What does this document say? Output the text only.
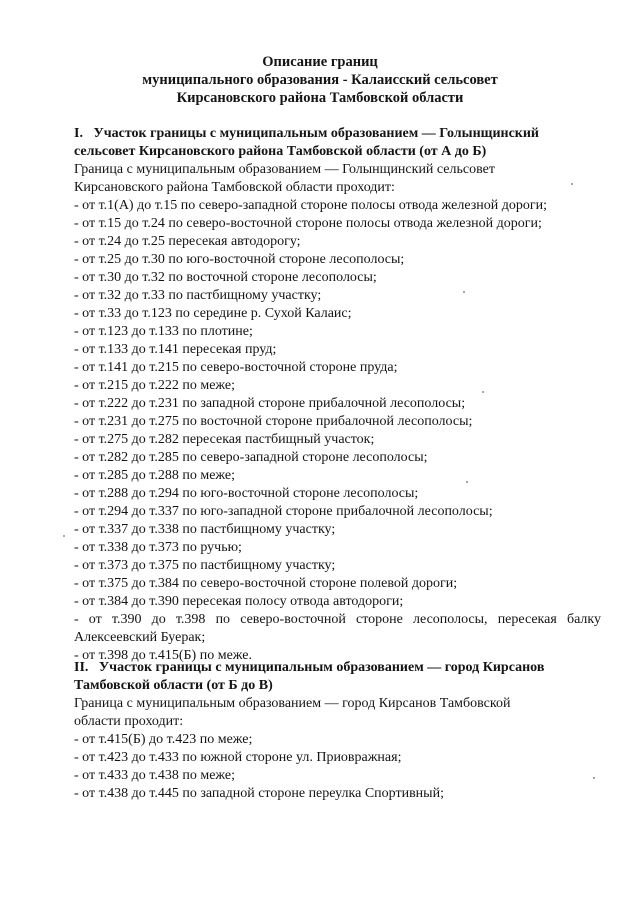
Описание границ
муниципального образования - Калаисский сельсовет
Кирсановского района Тамбовской области
I. Участок границы с муниципальным образованием — Голынщинский
сельсовет Кирсановского района Тамбовской области (от А до Б)
Граница с муниципальным образованием — Голынщинский сельсовет
Кирсановского района Тамбовской области проходит:
- от т.1(А) до т.15 по северо-западной стороне полосы отвода железной дороги;
- от т.15 до т.24 по северо-восточной стороне полосы отвода железной дороги;
- от т.24 до т.25 пересекая автодорогу;
- от т.25 до т.30 по юго-восточной стороне лесополосы;
- от т.30 до т.32 по восточной стороне лесополосы;
- от т.32 до т.33 по пастбищному участку;
- от т.33 до т.123 по середине р. Сухой Калаис;
- от т.123 до т.133 по плотине;
- от т.133 до т.141 пересекая пруд;
- от т.141 до т.215 по северо-восточной стороне пруда;
- от т.215 до т.222 по меже;
- от т.222 до т.231 по западной стороне прибалочной лесополосы;
- от т.231 до т.275 по восточной стороне прибалочной лесополосы;
- от т.275 до т.282 пересекая пастбищный участок;
- от т.282 до т.285 по северо-западной стороне лесополосы;
- от т.285 до т.288 по меже;
- от т.288 до т.294 по юго-восточной стороне лесополосы;
- от т.294 до т.337 по юго-западной стороне прибалочной лесополосы;
- от т.337 до т.338 по пастбищному участку;
- от т.338 до т.373 по ручью;
- от т.373 до т.375 по пастбищному участку;
- от т.375 до т.384 по северо-восточной стороне полевой дороги;
- от т.384 до т.390 пересекая полосу отвода автодороги;
- от т.390 до т.398 по северо-восточной стороне лесополосы, пересекая балку
Алексеевский Буерак;
- от т.398 до т.415(Б) по меже.
II. Участок границы с муниципальным образованием — город Кирсанов
Тамбовской области (от Б до В)
Граница с муниципальным образованием — город Кирсанов Тамбовской
области проходит:
- от т.415(Б) до т.423 по меже;
- от т.423 до т.433 по южной стороне ул. Приовражная;
- от т.433 до т.438 по меже;
- от т.438 до т.445 по западной стороне переулка Спортивный;
